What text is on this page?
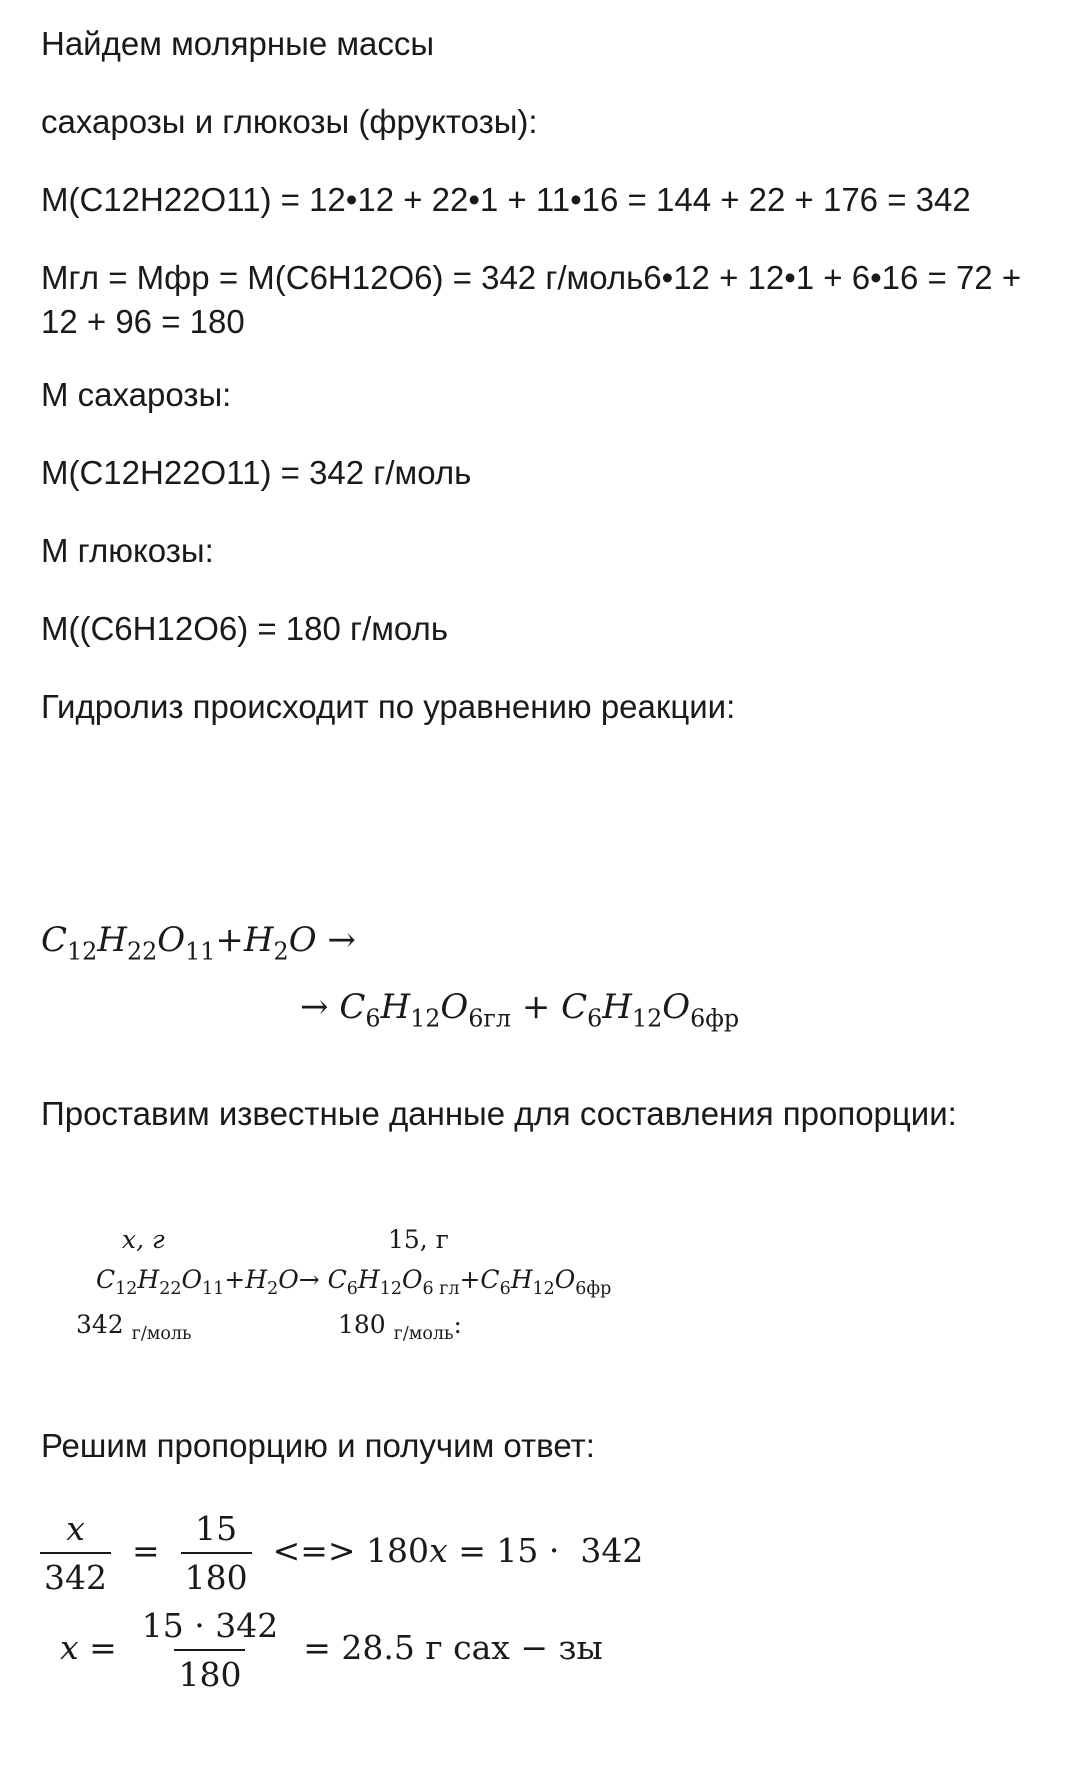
Найдем молярные массы

сахарозы и глюкозы (фруктозы):

M(C12H22O11) = 12•12 + 22•1 + 11•16 = 144 + 22 + 176 = 342

Mгл = Mфр = M(C6H12O6) = 342 г/моль6•12 + 12•1 + 6•16 = 72 + 12 + 96 = 180

M сахарозы:

M(C12H22O11) = 342 г/моль

M глюкозы:

M((C6H12O6) = 180 г/моль

Гидролиз происходит по уравнению реакции:

$C_{12}H_{22}O_{11}+H_2O$ →
→ $C_6H_{12}O_{6гл} + C_6H_{12}O_{6фр}$

Проставим известные данные для составления пропорции:

x, г	15, г
$C_{12}H_{22}O_{11}+H_2O\to C_6H_{12}O_{6 гл}+C_6H_{12}O_{6фр}$
342 $_{г/моль}$	180 $_{г/моль}$:

Решим пропорцию и получим ответ:

$\frac{x}{342} = \frac{15}{180}$ <=> 180x = 15 · 342
$x = \frac{15 \cdot 342}{180} = 28.5$ г сах − зы
